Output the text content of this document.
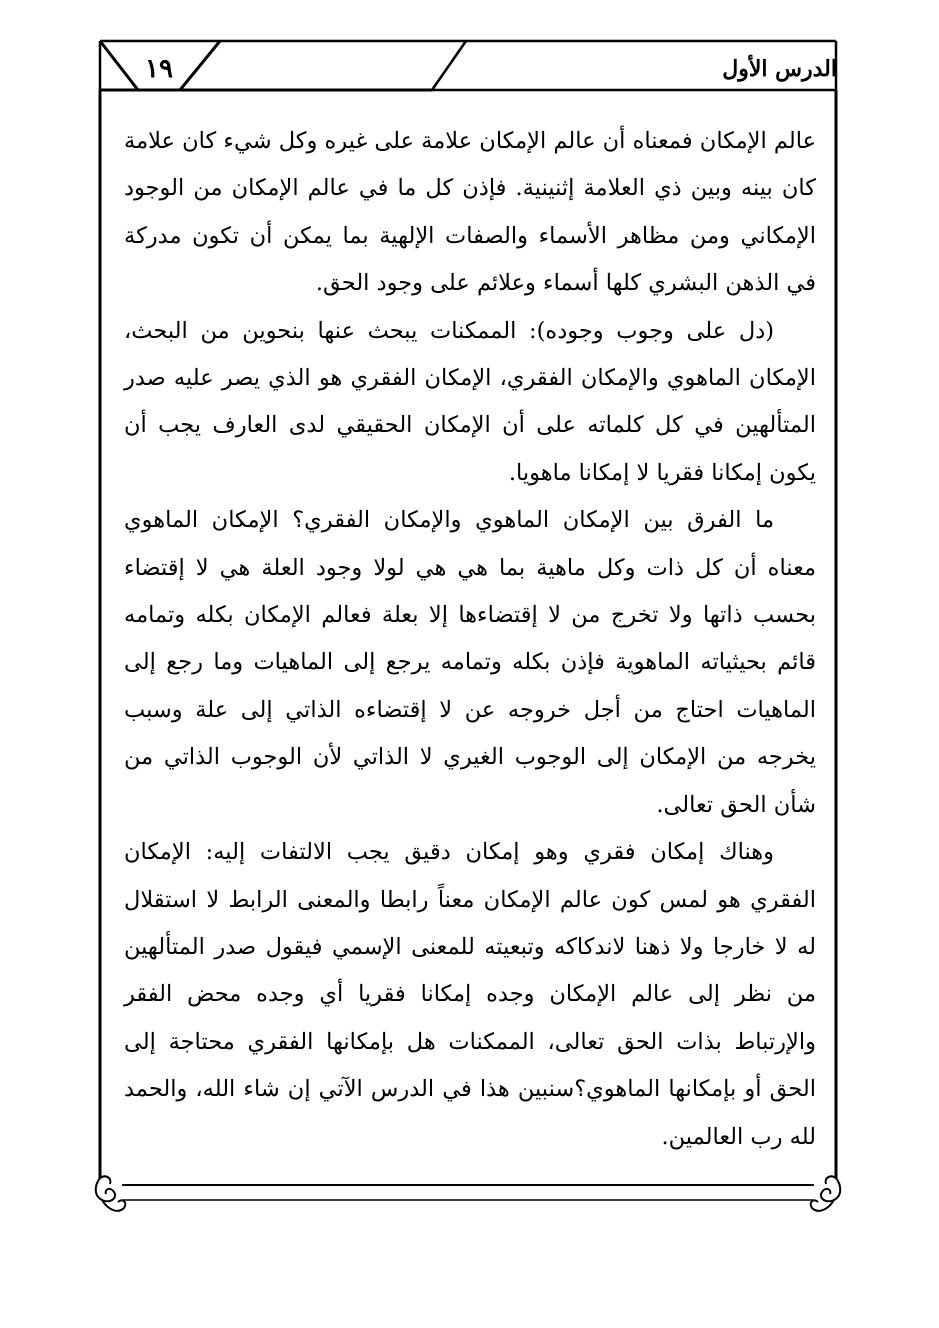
١٩	الدرس الأول

عالم الإمكان فمعناه أن عالم الإمكان علامة على غيره وكل شيء كان علامة كان بينه وبين ذي العلامة إثنينية. فإذن كل ما في عالم الإمكان من الوجود الإمكاني ومن مظاهر الأسماء والصفات الإلهية بما يمكن أن تكون مدركة في الذهن البشري كلها أسماء وعلائم على وجود الحق.

(دل على وجوب وجوده): الممكنات يبحث عنها بنحوين من البحث، الإمكان الماهوي والإمكان الفقري، الإمكان الفقري هو الذي يصر عليه صدر المتألهين في كل كلماته على أن الإمكان الحقيقي لدى العارف يجب أن يكون إمكانا فقريا لا إمكانا ماهويا.

ما الفرق بين الإمكان الماهوي والإمكان الفقري؟ الإمكان الماهوي معناه أن كل ذات وكل ماهية بما هي هي لولا وجود العلة هي لا إقتضاء بحسب ذاتها ولا تخرج من لا إقتضاءها إلا بعلة فعالم الإمكان بكله وتمامه قائم بحيثياته الماهوية فإذن بكله وتمامه يرجع إلى الماهيات وما رجع إلى الماهيات احتاج من أجل خروجه عن لا إقتضاءه الذاتي إلى علة وسبب يخرجه من الإمكان إلى الوجوب الغيري لا الذاتي لأن الوجوب الذاتي من شأن الحق تعالى.

وهناك إمكان فقري وهو إمكان دقيق يجب الالتفات إليه: الإمكان الفقري هو لمس كون عالم الإمكان معناً رابطا والمعنى الرابط لا استقلال له لا خارجا ولا ذهنا لاندكاكه وتبعيته للمعنى الإسمي فيقول صدر المتألهين من نظر إلى عالم الإمكان وجده إمكانا فقريا أي وجده محض الفقر والإرتباط بذات الحق تعالى، الممكنات هل بإمكانها الفقري محتاجة إلى الحق أو بإمكانها الماهوي؟سنبين هذا في الدرس الآتي إن شاء الله، والحمد لله رب العالمين.
